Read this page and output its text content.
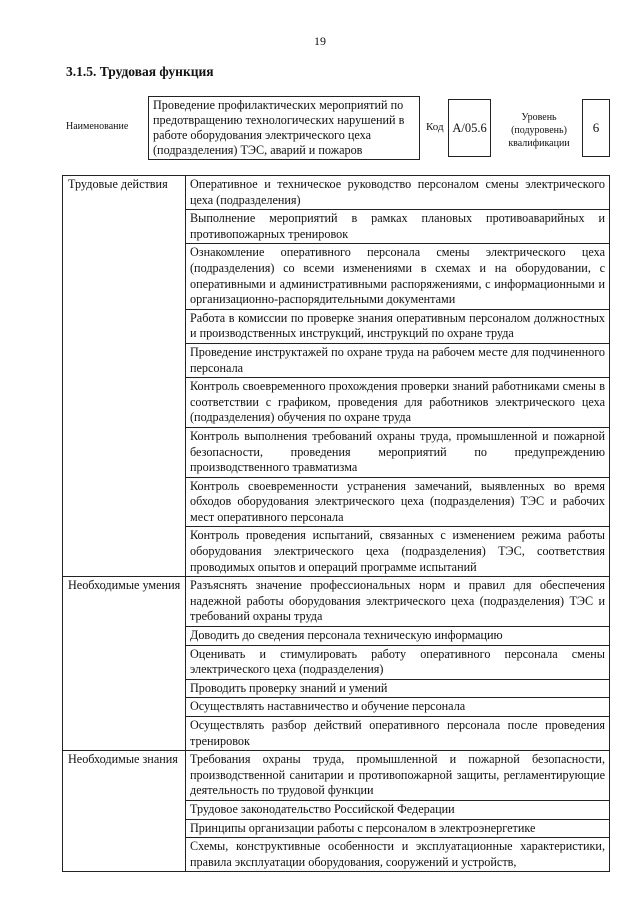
19
3.1.5. Трудовая функция
Наименование
Проведение профилактических мероприятий по предотвращению технологических нарушений в работе оборудования электрического цеха (подразделения) ТЭС, аварий и пожаров
Код А/05.6
Уровень (подуровень) квалификации
6
Трудовые действия	Оперативное и техническое руководство персоналом смены электрического цеха (подразделения)
	Выполнение мероприятий в рамках плановых противоаварийных и противопожарных тренировок
	Ознакомление оперативного персонала смены электрического цеха (подразделения) со всеми изменениями в схемах и на оборудовании, с оперативными и административными распоряжениями, с информационными и организационно-распорядительными документами
	Работа в комиссии по проверке знания оперативным персоналом должностных и производственных инструкций, инструкций по охране труда
	Проведение инструктажей по охране труда на рабочем месте для подчиненного персонала
	Контроль своевременного прохождения проверки знаний работниками смены в соответствии с графиком, проведения для работников электрического цеха (подразделения) обучения по охране труда
	Контроль выполнения требований охраны труда, промышленной и пожарной безопасности, проведения мероприятий по предупреждению производственного травматизма
	Контроль своевременности устранения замечаний, выявленных во время обходов оборудования электрического цеха (подразделения) ТЭС и рабочих мест оперативного персонала
	Контроль проведения испытаний, связанных с изменением режима работы оборудования электрического цеха (подразделения) ТЭС, соответствия проводимых опытов и операций программе испытаний
Необходимые умения	Разъяснять значение профессиональных норм и правил для обеспечения надежной работы оборудования электрического цеха (подразделения) ТЭС и требований охраны труда
	Доводить до сведения персонала техническую информацию
	Оценивать и стимулировать работу оперативного персонала смены электрического цеха (подразделения)
	Проводить проверку знаний и умений
	Осуществлять наставничество и обучение персонала
	Осуществлять разбор действий оперативного персонала после проведения тренировок
Необходимые знания	Требования охраны труда, промышленной и пожарной безопасности, производственной санитарии и противопожарной защиты, регламентирующие деятельность по трудовой функции
	Трудовое законодательство Российской Федерации
	Принципы организации работы с персоналом в электроэнергетике
	Схемы, конструктивные особенности и эксплуатационные характеристики, правила эксплуатации оборудования, сооружений и устройств,
